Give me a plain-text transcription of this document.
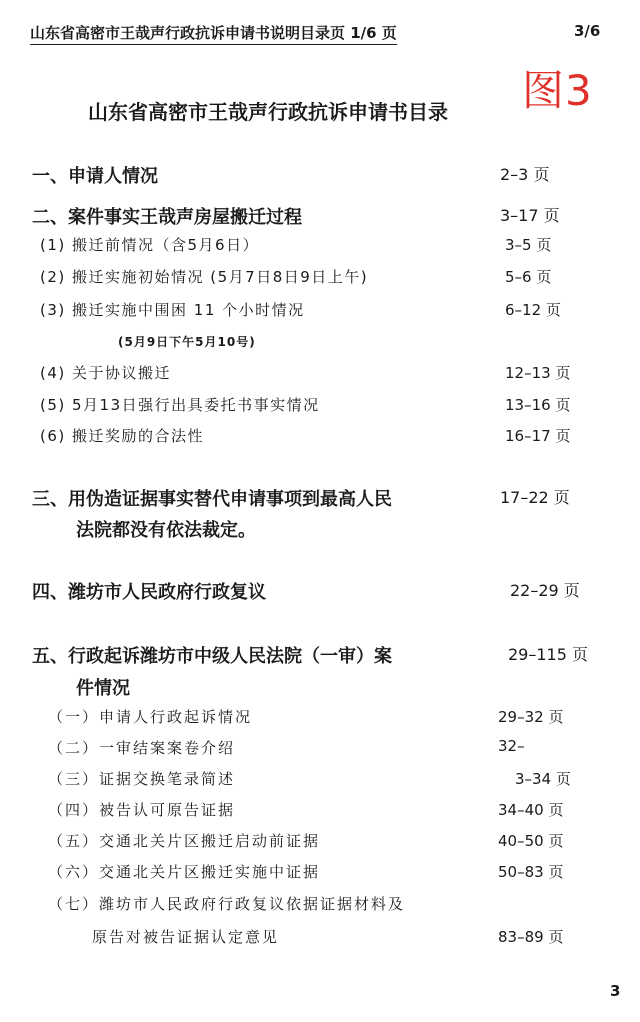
山东省高密市王哉声行政抗诉申请书说明目录页 1/6 页	3/6
图3
山东省高密市王哉声行政抗诉申请书目录
一、申请人情况	2–3 页
二、案件事实王哉声房屋搬迁过程	3–17 页
(1) 搬迁前情况（含5月6日）	3–5 页
(2) 搬迁实施初始情况 (5月7日8日9日上午)	5–6 页
(3) 搬迁实施中围困 11 个小时情况	6–12 页
(5月9日下午5月10号)
(4) 关于协议搬迁	12–13 页
(5) 5月13日强行出具委托书事实情况	13–16 页
(6) 搬迁奖励的合法性	16–17 页
三、用伪造证据事实替代申请事项到最高人民	17–22 页
法院都没有依法裁定。
四、潍坊市人民政府行政复议	22–29 页
五、行政起诉潍坊市中级人民法院（一审）案	29–115 页
件情况
（一）申请人行政起诉情况	29–32 页
（二）一审结案案卷介绍	32–
（三）证据交换笔录简述	3–34 页
（四）被告认可原告证据	34–40 页
（五）交通北关片区搬迁启动前证据	40–50 页
（六）交通北关片区搬迁实施中证据	50–83 页
（七）潍坊市人民政府行政复议依据证据材料及
原告对被告证据认定意见	83–89 页
3
